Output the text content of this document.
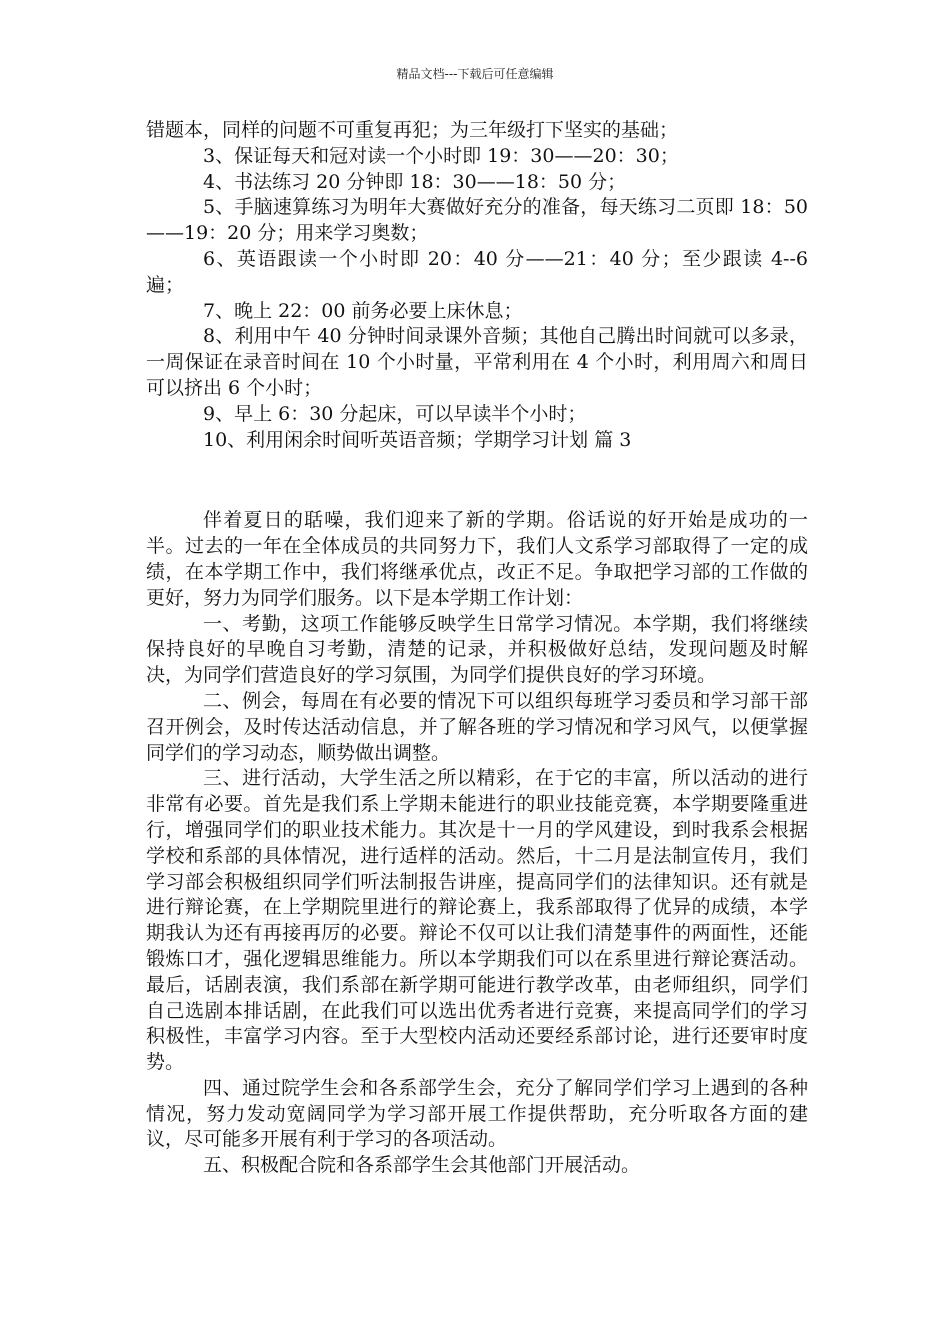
精品文档---下载后可任意编辑

错题本，同样的问题不可重复再犯；为三年级打下坚实的基础；

3、保证每天和冠对读一个小时即 19：30——20：30；

4、书法练习 20 分钟即 18：30——18：50 分；

5、手脑速算练习为明年大赛做好充分的准备，每天练习二页即 18：50——19：20 分；用来学习奥数；

6、英语跟读一个小时即 20：40 分——21：40 分；至少跟读 4--6 遍；

7、晚上 22：00 前务必要上床休息；

8、利用中午 40 分钟时间录课外音频；其他自己腾出时间就可以多录，一周保证在录音时间在 10 个小时量，平常利用在 4 个小时，利用周六和周日可以挤出 6 个小时；

9、早上 6：30 分起床，可以早读半个小时；

10、利用闲余时间听英语音频；学期学习计划 篇 3

伴着夏日的聒噪，我们迎来了新的学期。俗话说的好开始是成功的一半。过去的一年在全体成员的共同努力下，我们人文系学习部取得了一定的成绩，在本学期工作中，我们将继承优点，改正不足。争取把学习部的工作做的更好，努力为同学们服务。以下是本学期工作计划：

一、考勤，这项工作能够反映学生日常学习情况。本学期，我们将继续保持良好的早晚自习考勤，清楚的记录，并积极做好总结，发现问题及时解决，为同学们营造良好的学习氛围，为同学们提供良好的学习环境。

二、例会，每周在有必要的情况下可以组织每班学习委员和学习部干部召开例会，及时传达活动信息，并了解各班的学习情况和学习风气，以便掌握同学们的学习动态，顺势做出调整。

三、进行活动，大学生活之所以精彩，在于它的丰富，所以活动的进行非常有必要。首先是我们系上学期未能进行的职业技能竞赛，本学期要隆重进行，增强同学们的职业技术能力。其次是十一月的学风建设，到时我系会根据学校和系部的具体情况，进行适样的活动。然后，十二月是法制宣传月，我们学习部会积极组织同学们听法制报告讲座，提高同学们的法律知识。还有就是进行辩论赛，在上学期院里进行的辩论赛上，我系部取得了优异的成绩，本学期我认为还有再接再厉的必要。辩论不仅可以让我们清楚事件的两面性，还能锻炼口才，强化逻辑思维能力。所以本学期我们可以在系里进行辩论赛活动。最后，话剧表演，我们系部在新学期可能进行教学改革，由老师组织，同学们自己选剧本排话剧，在此我们可以选出优秀者进行竞赛，来提高同学们的学习积极性，丰富学习内容。至于大型校内活动还要经系部讨论，进行还要审时度势。

四、通过院学生会和各系部学生会，充分了解同学们学习上遇到的各种情况，努力发动宽阔同学为学习部开展工作提供帮助，充分听取各方面的建议，尽可能多开展有利于学习的各项活动。

五、积极配合院和各系部学生会其他部门开展活动。
